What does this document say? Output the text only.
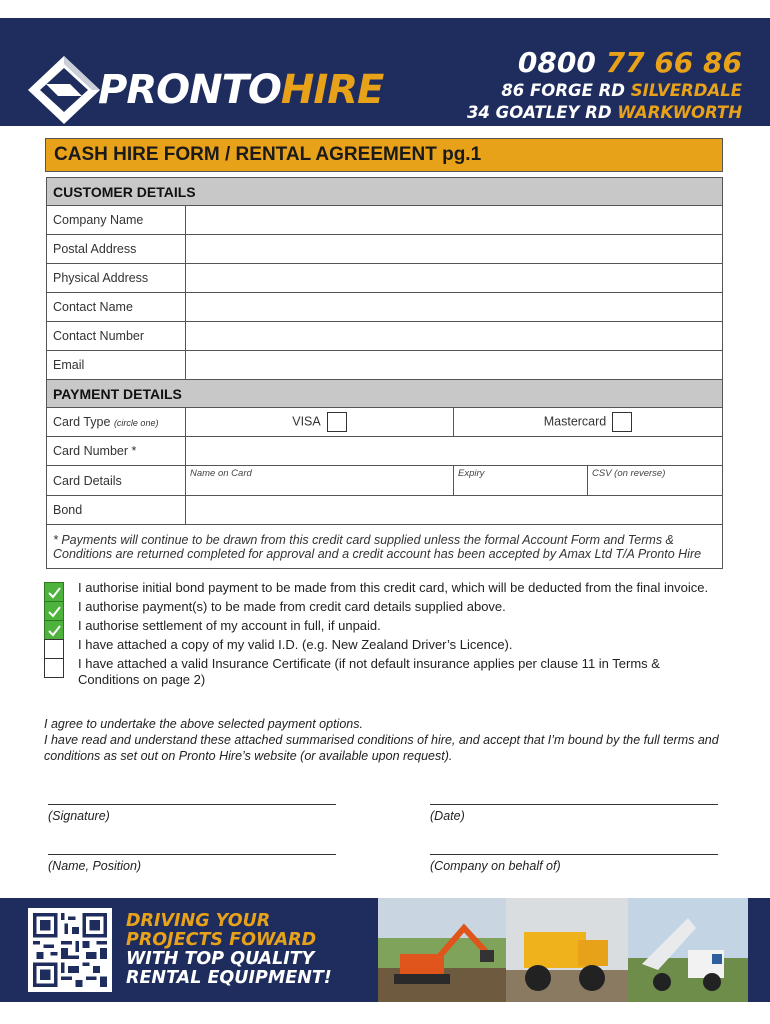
PRONTOHIRE
0800 77 66 86
86 FORGE RD SILVERDALE
34 GOATLEY RD WARKWORTH
CASH HIRE FORM / RENTAL AGREEMENT pg.1
CUSTOMER DETAILS			
Company Name			
Postal Address			
Physical Address			
Contact Name			
Contact Number			
Email			
PAYMENT DETAILS			
Card Type (circle one)	VISA	Mastercard	
Card Number *			
Card Details	Name on Card	Expiry	CSV (on reverse)

Bond			
* Payments will continue to be drawn from this credit card supplied unless the formal Account Form and Terms & Conditions are returned completed for approval and a credit account has been accepted by Amax Ltd T/A Pronto Hire			
I authorise initial bond payment to be made from this credit card, which will be deducted from the final invoice.
I authorise payment(s) to be made from credit card details supplied above.
I authorise settlement of my account in full, if unpaid.
I have attached a copy of my valid I.D. (e.g. New Zealand Driver’s Licence).
I have attached a valid Insurance Certificate (if not default insurance applies per clause 11 in Terms & Conditions on page 2)
I agree to undertake the above selected payment options.
I have read and understand these attached summarised conditions of hire, and accept that I’m bound by the full terms and conditions as set out on Pronto Hire’s website (or available upon request).
(Signature)	(Date)
(Name, Position)	(Company on behalf of)
DRIVING YOUR
PROJECTS FOWARD
WITH TOP QUALITY
RENTAL EQUIPMENT!
